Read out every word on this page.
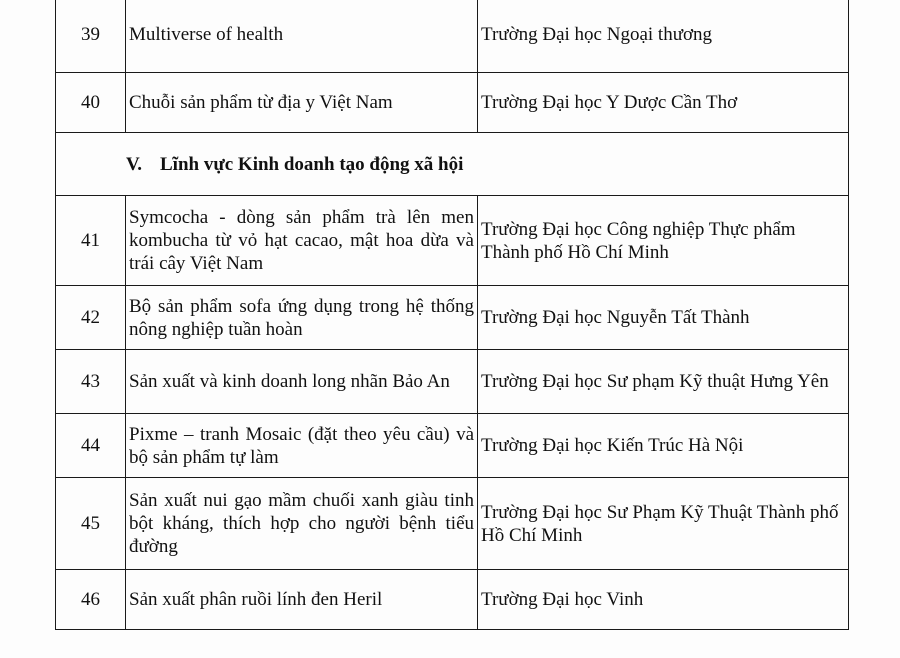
39	Multiverse of health	Trường Đại học Ngoại thương
40	Chuỗi sản phẩm từ địa y Việt Nam	Trường Đại học Y Dược Cần Thơ
V. Lĩnh vực Kinh doanh tạo động xã hội		
41	Symcocha - dòng sản phẩm trà lên men kombucha từ vỏ hạt cacao, mật hoa dừa và trái cây Việt Nam	Trường Đại học Công nghiệp Thực phẩm Thành phố Hồ Chí Minh
42	Bộ sản phẩm sofa ứng dụng trong hệ thống nông nghiệp tuần hoàn	Trường Đại học Nguyễn Tất Thành
43	Sản xuất và kinh doanh long nhãn Bảo An	Trường Đại học Sư phạm Kỹ thuật Hưng Yên
44	Pixme – tranh Mosaic (đặt theo yêu cầu) và bộ sản phẩm tự làm	Trường Đại học Kiến Trúc Hà Nội
45	Sản xuất nui gạo mầm chuối xanh giàu tinh bột kháng, thích hợp cho người bệnh tiểu đường	Trường Đại học Sư Phạm Kỹ Thuật Thành phố Hồ Chí Minh
46	Sản xuất phân ruồi lính đen Heril	Trường Đại học Vinh
